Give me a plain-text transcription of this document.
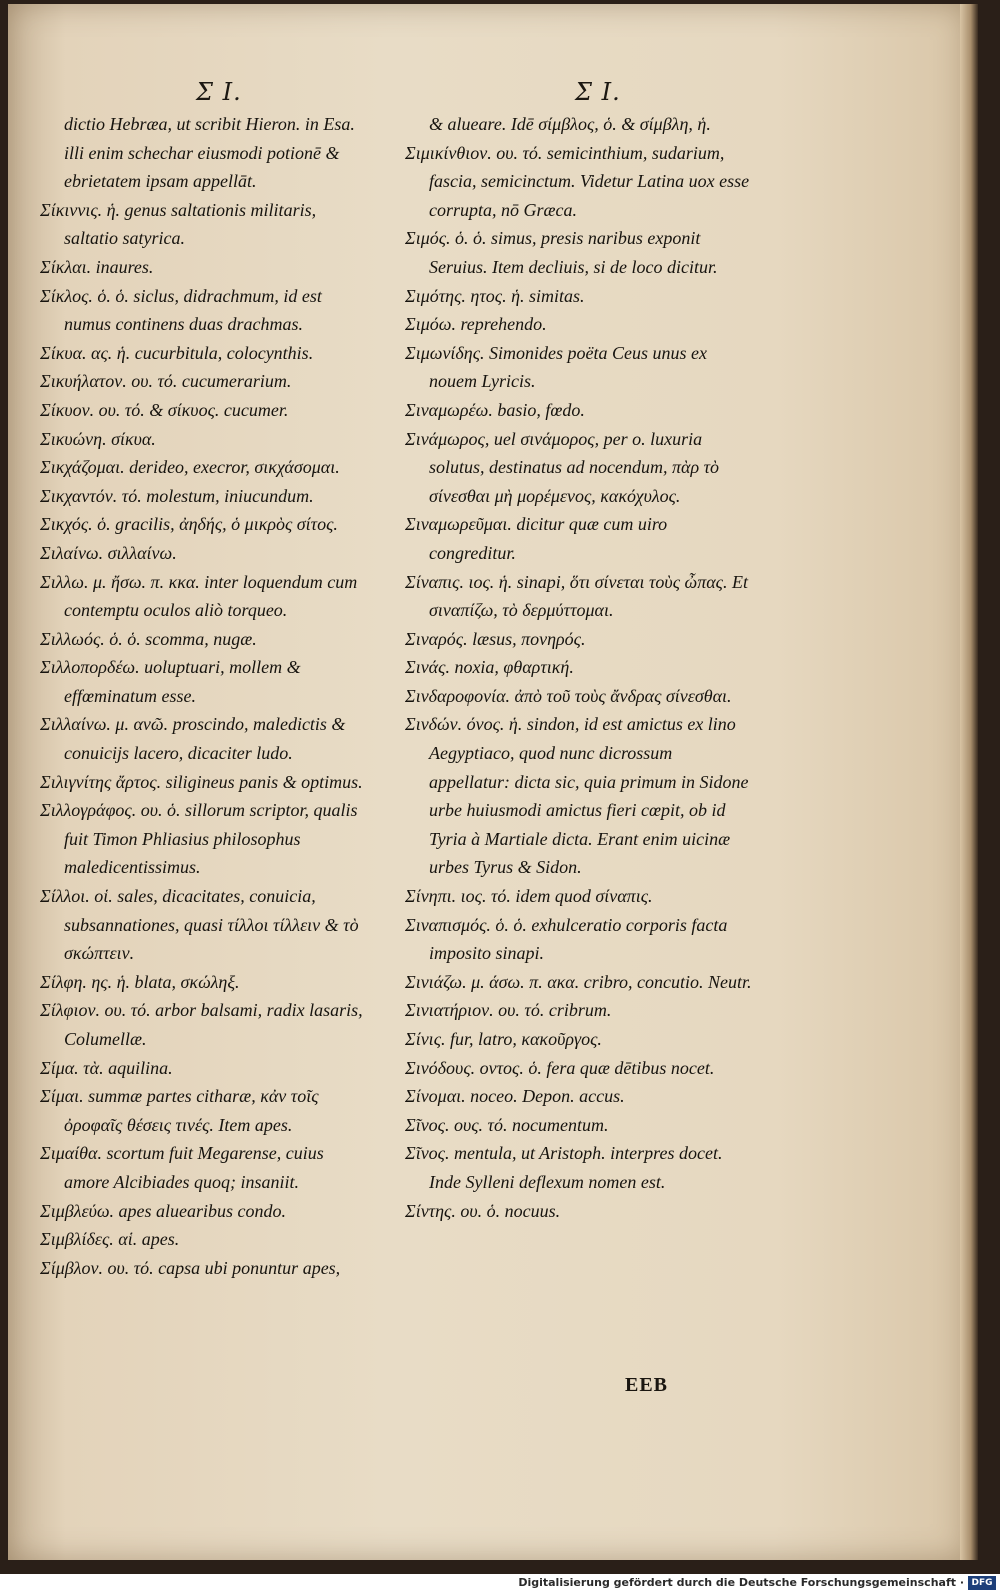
Σ I.	Σ I.
dictio Hebræa, ut scribit Hieron. in Esa. illi enim schechar eiusmodi potionē & ebrietatem ipsam appellāt.
Σίκιννις. ἡ. genus saltationis militaris, saltatio satyrica.
Σίκλαι. inaures.
Σίκλος. ὁ. ὁ. siclus, didrachmum, id est numus continens duas drachmas.
Σίκυα. ας. ἡ. cucurbitula, colocynthis.
Σικυήλατον. ου. τό. cucumerarium.
Σίκυον. ου. τό. & σίκυος. cucumer.
Σικυώνη. σίκυα.
Σικχάζομαι. derideo, execror, σικχάσομαι.
Σικχαντόν. τό. molestum, iniucundum.
Σικχός. ὁ. gracilis, ἀηδής, ὁ μικρὸς σίτος.
Σιλαίνω. σιλλαίνω.
Σιλλω. μ. ἤσω. π. κκα. inter loquendum cum contemptu oculos aliò torqueo.
Σιλλωός. ὁ. ὁ. scomma, nugæ.
Σιλλοπορδέω. uoluptuari, mollem & effœminatum esse.
Σιλλαίνω. μ. ανῶ. proscindo, maledictis & conuicijs lacero, dicaciter ludo.
Σιλιγνίτης ἄρτος. siligineus panis & optimus.
Σιλλογράφος. ου. ὁ. sillorum scriptor, qualis fuit Timon Phliasius philosophus maledicentissimus.
Σίλλοι. οἱ. sales, dicacitates, conuicia, subsannationes, quasi τίλλοι τίλλειν & τὸ σκώπτειν.
Σίλφη. ης. ἡ. blata, σκώληξ.
Σίλφιον. ου. τό. arbor balsami, radix lasaris, Columellæ.
Σίμα. τὰ. aquilina.
Σίμαι. summæ partes citharæ, κἀν τοῖς ὀροφαῖς θέσεις τινές. Item apes.
Σιμαίθα. scortum fuit Megarense, cuius amore Alcibiades quoq; insaniit.
Σιμβλεύω. apes aluearibus condo.
Σιμβλίδες. αἱ. apes.
Σίμβλον. ου. τό. capsa ubi ponuntur apes,
& alueare. Idē σίμβλος, ὁ. & σίμβλη, ἡ.
Σιμικίνθιον. ου. τό. semicinthium, sudarium, fascia, semicinctum. Videtur Latina uox esse corrupta, nō Græca.
Σιμός. ὁ. ὁ. simus, presis naribus exponit Seruius. Item decliuis, si de loco dicitur.
Σιμότης. ητος. ἡ. simitas.
Σιμόω. reprehendo.
Σιμωνίδης. Simonides poëta Ceus unus ex nouem Lyricis.
Σιναμωρέω. basio, fœdo.
Σινάμωρος, uel σινάμορος, per ο. luxuria solutus, destinatus ad nocendum, πὰρ τὸ σίνεσθαι μὴ μορέμενος, κακόχυλος.
Σιναμωρεῦμαι. dicitur quæ cum uiro congreditur.
Σίναπις. ιος. ἡ. sinapi, ὅτι σίνεται τοὺς ὦπας. Et σιναπίζω, τὸ δερμύττομαι.
Σιναρός. læsus, πονηρός.
Σινάς. noxia, φθαρτική.
Σινδαροφονία. ἀπὸ τοῦ τοὺς ἄνδρας σίνεσθαι.
Σινδών. όνος. ἡ. sindon, id est amictus ex lino Aegyptiaco, quod nunc dicrossum appellatur: dicta sic, quia primum in Sidone urbe huiusmodi amictus fieri cœpit, ob id Tyria à Martiale dicta. Erant enim uicinæ urbes Tyrus & Sidon.
Σίνηπι. ιος. τό. idem quod σίναπις.
Σιναπισμός. ὁ. ὁ. exhulceratio corporis facta imposito sinapi.
Σινιάζω. μ. άσω. π. ακα. cribro, concutio. Neutr.
Σινιατήριον. ου. τό. cribrum.
Σίνις. fur, latro, κακοῦργος.
Σινόδους. οντος. ὁ. fera quæ dētibus nocet.
Σίνομαι. noceo. Depon. accus.
Σῖνος. ους. τό. nocumentum.
Σῖνος. mentula, ut Aristoph. interpres docet. Inde Sylleni deflexum nomen est.
Σίντης. ου. ὁ. nocuus.
EEB
Digitalisierung gefördert durch die Deutsche Forschungsgemeinschaft · DFG
